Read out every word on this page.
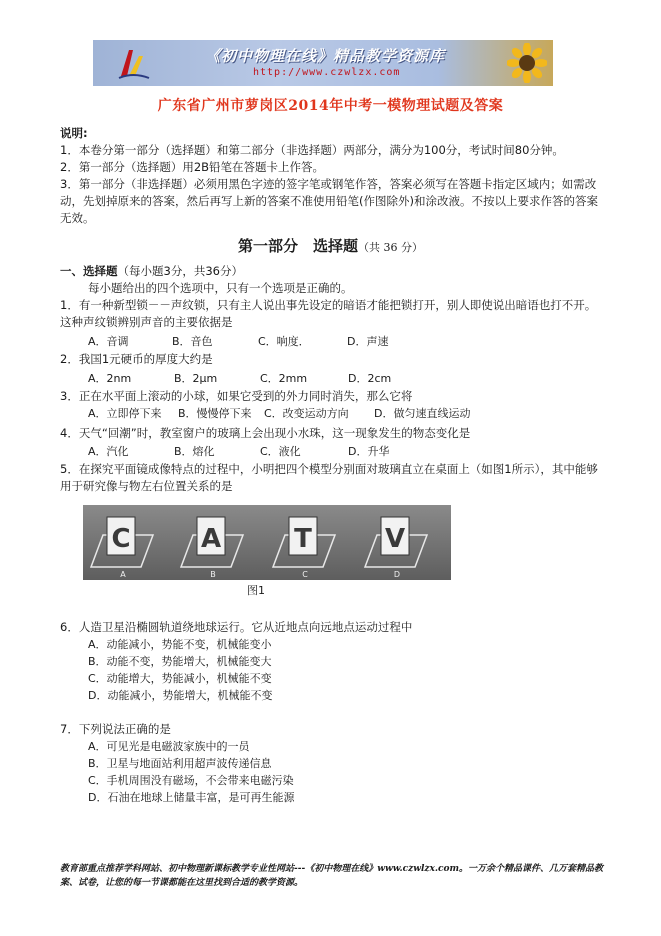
《初中物理在线》精品教学资源库
http://www.czwlzx.com
广东省广州市萝岗区2014年中考一模物理试题及答案
说明:
1．本卷分第一部分（选择题）和第二部分（非选择题）两部分，满分为100分，考试时间80分钟。
2．第一部分（选择题）用2B铅笔在答题卡上作答。
3．第一部分（非选择题）必须用黑色字迹的签字笔或钢笔作答，答案必须写在答题卡指定区域内；如需改动，先划掉原来的答案，然后再写上新的答案不准使用铅笔(作图除外)和涂改液。不按以上要求作答的答案无效。
第一部分　选择题（共 36 分）
一、选择题（每小题3分，共36分）
每小题给出的四个选项中，只有一个选项是正确的。
1．有一种新型锁－－声纹锁，只有主人说出事先设定的暗语才能把锁打开，别人即使说出暗语也打不开。这种声纹锁辨别声音的主要依据是
A．音调	B．音色	C．响度．	D．声速
2．我国1元硬币的厚度大约是
A．2nm	B．2μm	C．2mm	D．2cm
3．正在水平面上滚动的小球，如果它受到的外力同时消失，那么它将
A．立即停下来 B．慢慢停下来 C．改变运动方向 D．做匀速直线运动
4．天气“回潮”时，教室窗户的玻璃上会出现小水珠，这一现象发生的物态变化是
A．汽化	B．熔化	C．液化	D．升华
5．在探究平面镜成像特点的过程中，小明把四个模型分别面对玻璃直立在桌面上（如图1所示），其中能够用于研究像与物左右位置关系的是
C	A	T	V
A	B	C	D
图1
6．人造卫星沿椭圆轨道绕地球运行。它从近地点向远地点运动过程中
A．动能减小，势能不变，机械能变小
B．动能不变，势能增大，机械能变大
C．动能增大，势能减小，机械能不变
D．动能减小，势能增大，机械能不变
7．下列说法正确的是
A．可见光是电磁波家族中的一员
B．卫星与地面站利用超声波传递信息
C．手机周围没有磁场，不会带来电磁污染
D．石油在地球上储量丰富，是可再生能源
教育部重点推荐学科网站、初中物理新课标教学专业性网站---《初中物理在线》www.czwlzx.com。一万余个精品课件、几万套精品教案、试卷，让您的每一节课都能在这里找到合适的教学资源。
